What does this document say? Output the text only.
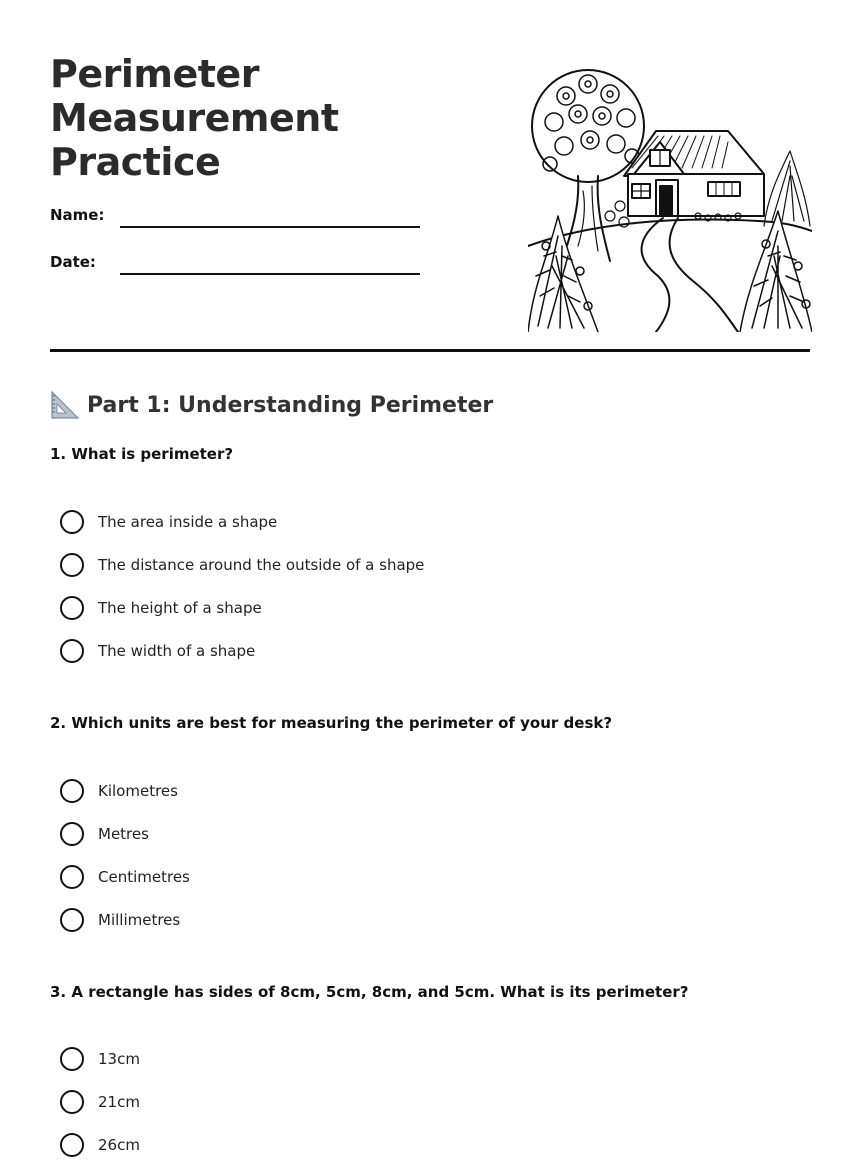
Perimeter Measurement
Practice
Name:
Date:
Part 1: Understanding Perimeter
1. What is perimeter?
The area inside a shape
The distance around the outside of a shape
The height of a shape
The width of a shape
2. Which units are best for measuring the perimeter of your desk?
Kilometres
Metres
Centimetres
Millimetres
3. A rectangle has sides of 8cm, 5cm, 8cm, and 5cm. What is its perimeter?
13cm
21cm
26cm
